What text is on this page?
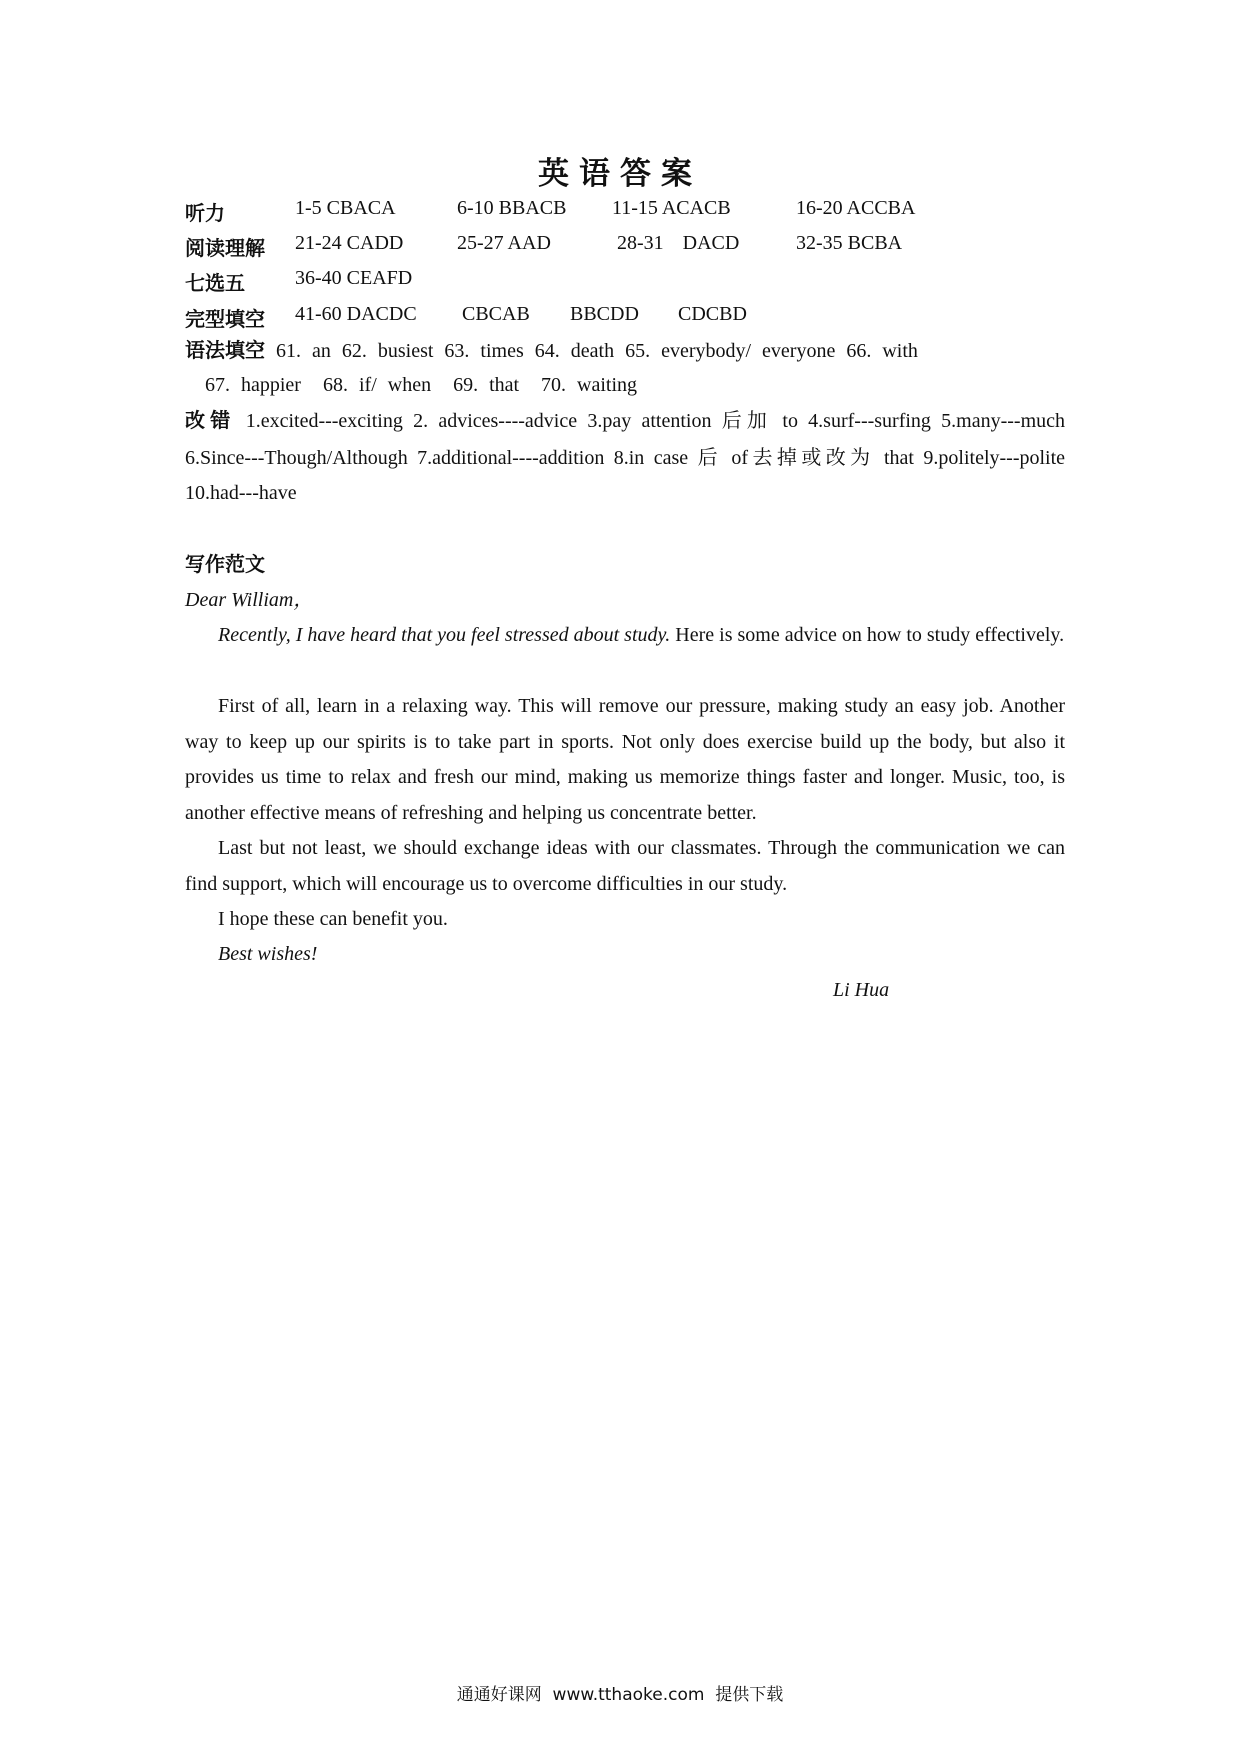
英语答案
听力	1-5 CBACA	6-10 BBACB 11-15 ACACB	16-20 ACCBA
阅读理解 21-24 CADD	25-27 AAD	28-31 DACD	32-35 BCBA
七选五	36-40 CEAFD
完型填空 41-60 DACDC CBCAB BBCDD CDCBD
语法填空 61. an 62. busiest 63. times 64. death 65. everybody/ everyone 66. with
67. happier  68. if/ when  69. that  70. waiting
改错 1.excited---exciting 2. advices----advice 3.pay attention 后加 to 4.surf---surfing 5.many---much 6.Since---Though/Although 7.additional----addition 8.in case 后 of去掉或改为 that 9.politely---polite 10.had---have
写作范文
Dear William，
Recently, I have heard that you feel stressed about study. Here is some advice on how to study effectively.
First of all, learn in a relaxing way. This will remove our pressure, making study an easy job. Another way to keep up our spirits is to take part in sports. Not only does exercise build up the body, but also it provides us time to relax and fresh our mind, making us memorize things faster and longer. Music, too, is another effective means of refreshing and helping us concentrate better.
Last but not least, we should exchange ideas with our classmates. Through the communication we can find support, which will encourage us to overcome difficulties in our study.
I hope these can benefit you.
Best wishes!
Li Hua
通通好课网  www.tthaoke.com  提供下载
